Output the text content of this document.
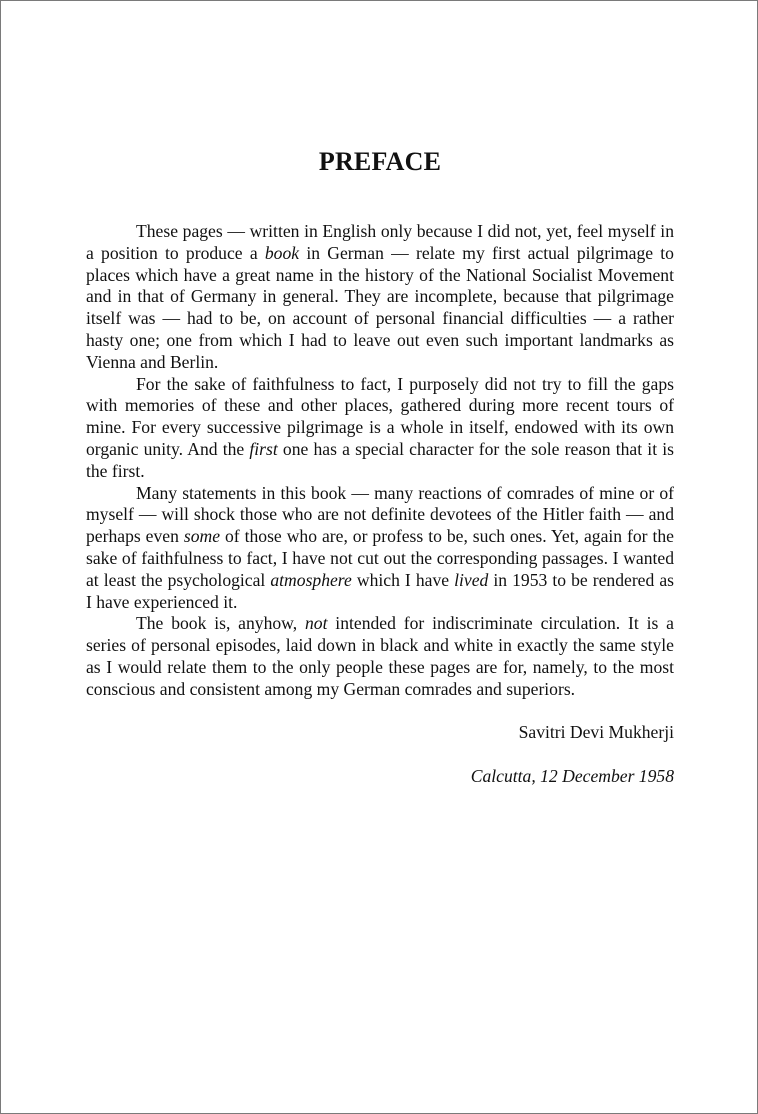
PREFACE

These pages — written in English only because I did not, yet, feel myself in a position to produce a book in German — relate my first actual pilgrimage to places which have a great name in the history of the National Socialist Movement and in that of Germany in general. They are incomplete, because that pilgrimage itself was — had to be, on account of personal financial difficulties — a rather hasty one; one from which I had to leave out even such important landmarks as Vienna and Berlin.

For the sake of faithfulness to fact, I purposely did not try to fill the gaps with memories of these and other places, gathered during more recent tours of mine. For every successive pilgrimage is a whole in itself, endowed with its own organic unity. And the first one has a special character for the sole reason that it is the first.

Many statements in this book — many reactions of comrades of mine or of myself — will shock those who are not definite devotees of the Hitler faith — and perhaps even some of those who are, or profess to be, such ones. Yet, again for the sake of faithfulness to fact, I have not cut out the corresponding passages. I wanted at least the psychological atmosphere which I have lived in 1953 to be rendered as I have experienced it.

The book is, anyhow, not intended for indiscriminate circulation. It is a series of personal episodes, laid down in black and white in exactly the same style as I would relate them to the only people these pages are for, namely, to the most conscious and consistent among my German comrades and superiors.

Savitri Devi Mukherji
Calcutta, 12 December 1958
